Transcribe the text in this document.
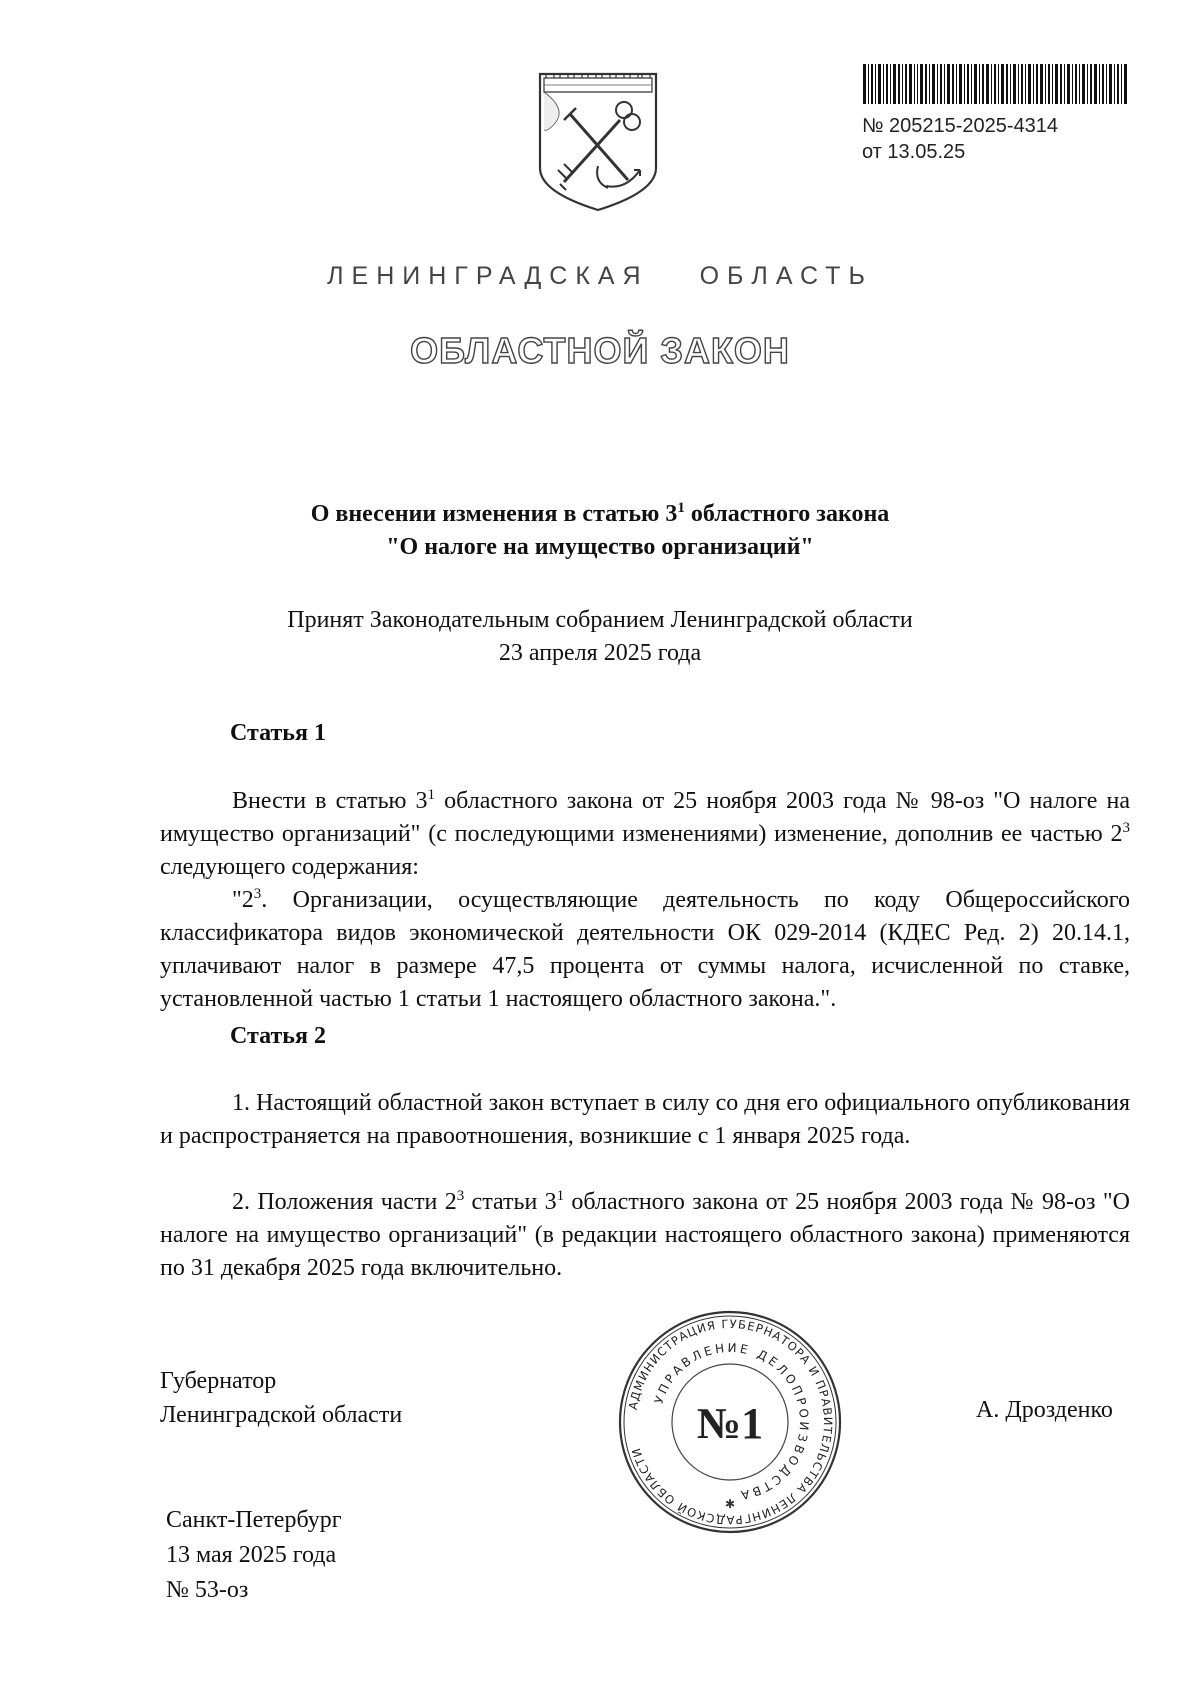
№ 205215-2025-4314
от 13.05.25
ЛЕНИНГРАДСКАЯ ОБЛАСТЬ
ОБЛАСТНОЙ ЗАКОН
О внесении изменения в статью $3^1$ областного закона
"О налоге на имущество организаций"
Принят Законодательным собранием Ленинградской области
23 апреля 2025 года
Статья 1
Внести в статью $3^1$ областного закона от 25 ноября 2003 года № 98-оз "О налоге на имущество организаций" (с последующими изменениями) изменение, дополнив ее частью $2^3$ следующего содержания:
"$2^3$. Организации, осуществляющие деятельность по коду Общероссийского классификатора видов экономической деятельности ОК 029-2014 (КДЕС Ред. 2) 20.14.1, уплачивают налог в размере 47,5 процента от суммы налога, исчисленной по ставке, установленной частью 1 статьи 1 настоящего областного закона.".
Статья 2
1. Настоящий областной закон вступает в силу со дня его официального опубликования и распространяется на правоотношения, возникшие с 1 января 2025 года.
2. Положения части $2^3$ статьи $3^1$ областного закона от 25 ноября 2003 года № 98-оз "О налоге на имущество организаций" (в редакции настоящего областного закона) применяются по 31 декабря 2025 года включительно.
Губернатор
Ленинградской области	АДМИНИСТРАЦИЯ ГУБЕРНАТОРА И ПРАВИТЕЛЬСТВА ЛЕНИНГРАДСКОЙ ОБЛАСТИ
УПРАВЛЕНИЕ ДЕЛОПРОИЗВОДСТВА
№1
✱
А. Дрозденко
Санкт-Петербург
13 мая 2025 года
№ 53-оз
